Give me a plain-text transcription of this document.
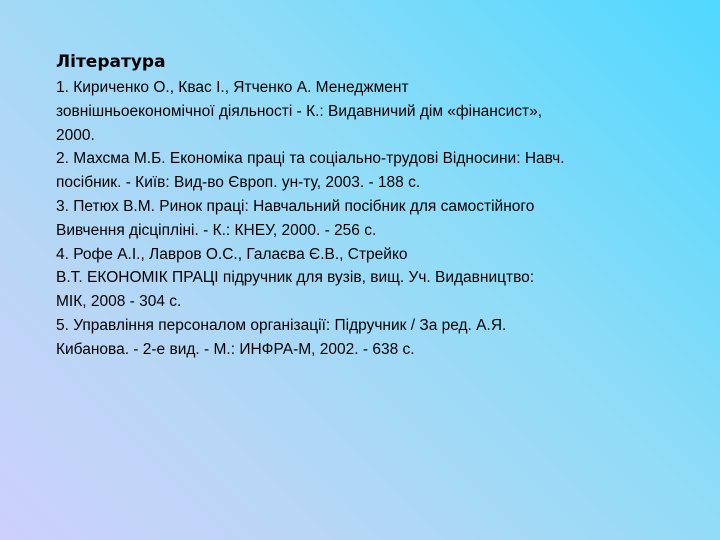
Література
1. Кириченко О., Квас І., Ятченко А. Менеджмент
зовнішньоекономічної діяльності - К.: Видавничий дім «фінансист»,
2000.
2. Махсма М.Б. Економіка праці та соціально-трудові Відносини: Навч.
посібник. - Київ: Вид-во Європ. ун-ту, 2003. - 188 с.
3. Петюх В.М. Ринок праці: Навчальний посібник для самостійного
Вивчення дісціпліні. - К.: КНЕУ, 2000. - 256 с.
4. Рофе А.І., Лавров О.С., Галаєва Є.В., Стрейко
В.Т. ЕКОНОМІК ПРАЦІ підручник для вузів, вищ. Уч. Видавництво:
МІК, 2008 - 304 с.
5. Управління персоналом організації: Підручник / За ред. А.Я.
Кибанова. - 2-е вид. - М.: ИНФРА-М, 2002. - 638 с.
